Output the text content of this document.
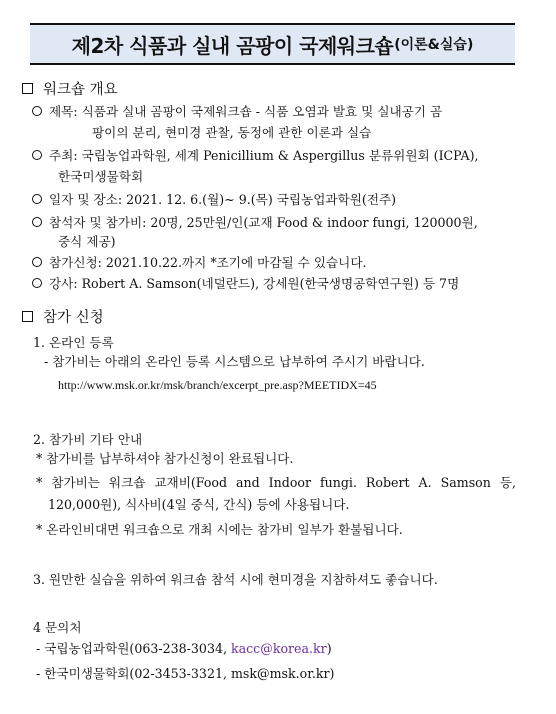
제2차 식품과 실내 곰팡이 국제워크숍 (이론&실습)
워크숍 개요
제목: 식품과 실내 곰팡이 국제워크숍 - 식품 오염과 발효 및 실내공기 곰
팡이의 분리, 현미경 관찰, 동정에 관한 이론과 실습
주최: 국립농업과학원, 세계 Penicillium & Aspergillus 분류위원회 (ICPA),
한국미생물학회
일자 및 장소: 2021. 12. 6.(월)~ 9.(목) 국립농업과학원(전주)
참석자 및 참가비: 20명, 25만원/인(교재 Food & indoor fungi, 120000원,
중식 제공)
참가신청: 2021.10.22.까지 *조기에 마감될 수 있습니다.
강사: Robert A. Samson(네덜란드), 강세원(한국생명공학연구원) 등 7명
참가 신청
1. 온라인 등록
- 참가비는 아래의 온라인 등록 시스템으로 납부하여 주시기 바랍니다.
http://www.msk.or.kr/msk/branch/excerpt_pre.asp?MEETIDX=45
2. 참가비 기타 안내
* 참가비를 납부하셔야 참가신청이 완료됩니다.
* 참가비는 워크숍 교재비(Food and Indoor fungi. Robert A. Samson 등,
120,000원), 식사비(4일 중식, 간식) 등에 사용됩니다.
* 온라인비대면 워크숍으로 개최 시에는 참가비 일부가 환불됩니다.
3. 원만한 실습을 위하여 워크숍 참석 시에 현미경을 지참하셔도 좋습니다.
4 문의처
- 국립농업과학원(063-238-3034, kacc@korea.kr)
- 한국미생물학회(02-3453-3321, msk@msk.or.kr)
